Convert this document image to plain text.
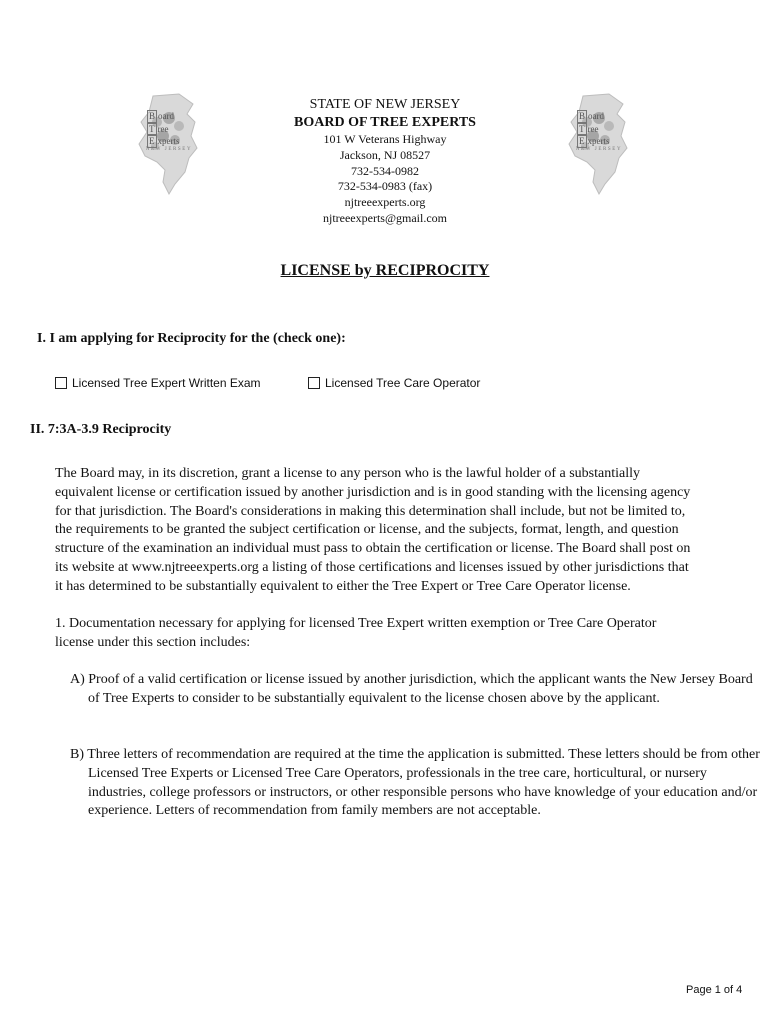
B oard
T ree
E xperts
NEW JERSEY
B oard
T ree
E xperts
NEW JERSEY
STATE OF NEW JERSEY
BOARD OF TREE EXPERTS
101 W Veterans Highway
Jackson, NJ 08527
732-534-0982
732-534-0983 (fax)
njtreeexperts.org
njtreeexperts@gmail.com
LICENSE by RECIPROCITY
I. I am applying for Reciprocity for the (check one):
Licensed Tree Expert Written Exam	Licensed Tree Care Operator
II. 7:3A-3.9 Reciprocity
The Board may, in its discretion, grant a license to any person who is the lawful holder of a substantially
equivalent license or certification issued by another jurisdiction and is in good standing with the licensing agency
for that jurisdiction. The Board's considerations in making this determination shall include, but not be limited to,
the requirements to be granted the subject certification or license, and the subjects, format, length, and question
structure of the examination an individual must pass to obtain the certification or license. The Board shall post on
its website at www.njtreeexperts.org a listing of those certifications and licenses issued by other jurisdictions that
it has determined to be substantially equivalent to either the Tree Expert or Tree Care Operator license.
1. Documentation necessary for applying for licensed Tree Expert written exemption or Tree Care Operator
license under this section includes:
A) Proof of a valid certification or license issued by another jurisdiction, which the applicant wants the New Jersey Board of Tree Experts to consider to be substantially equivalent to the license chosen above by the applicant.
B) Three letters of recommendation are required at the time the application is submitted. These letters should be from other Licensed Tree Experts or Licensed Tree Care Operators, professionals in the tree care, horticultural, or nursery industries, college professors or instructors, or other responsible persons who have knowledge of your education and/or experience. Letters of recommendation from family members are not acceptable.
Page 1 of 4
